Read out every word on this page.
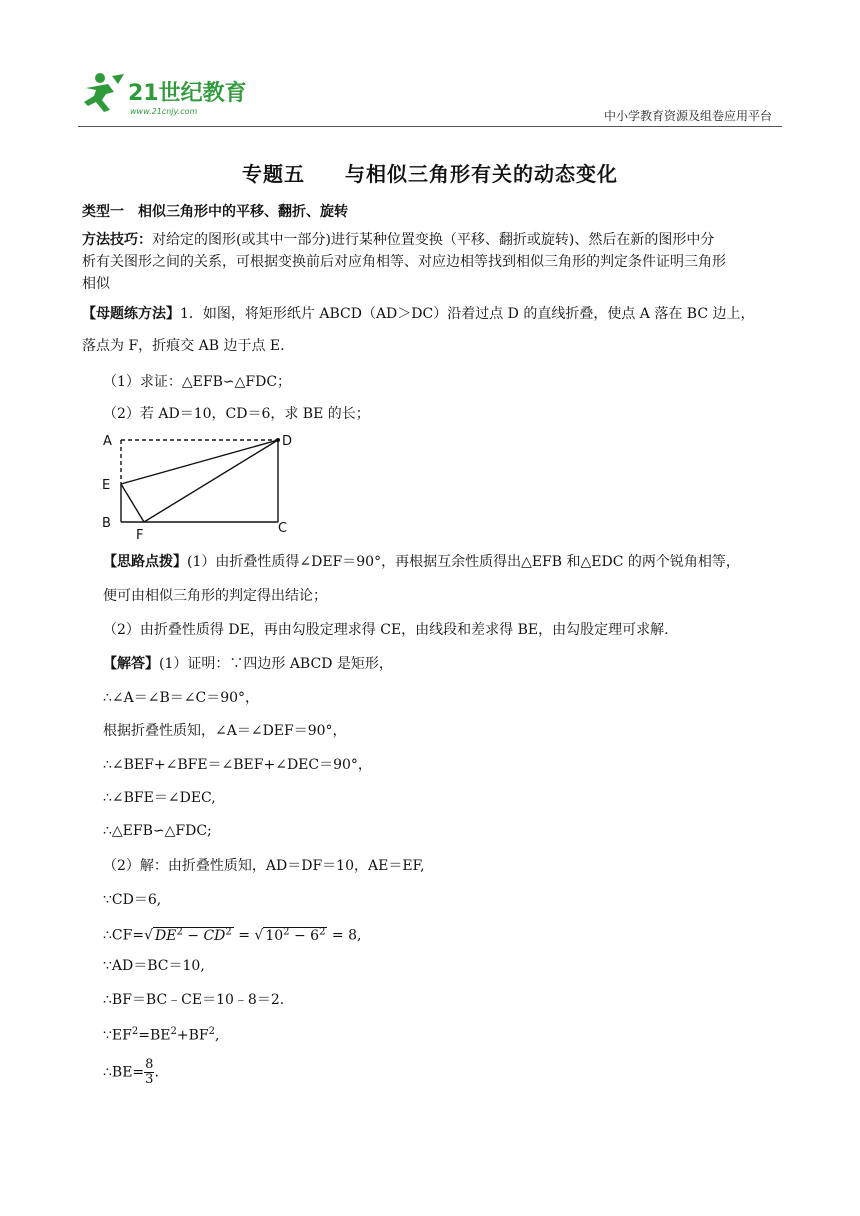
21世纪教育
www.21cnjy.com	中小学教育资源及组卷应用平台
专题五 与相似三角形有关的动态变化
类型一　相似三角形中的平移、翻折、旋转
方法技巧：对给定的图形(或其中一部分)进行某种位置变换（平移、翻折或旋转)、然后在新的图形中分
析有关图形之间的关系，可根据变换前后对应角相等、对应边相等找到相似三角形的判定条件证明三角形
相似
【母题练方法】1．如图，将矩形纸片 ABCD（AD＞DC）沿着过点 D 的直线折叠，使点 A 落在 BC 边上，
落点为 F，折痕交 AB 边于点 E.
（1）求证：△EFB∽△FDC；
（2）若 AD＝10，CD＝6，求 BE 的长；
A	D
E
B
F	C
【思路点拨】(1）由折叠性质得∠DEF＝90°，再根据互余性质得出△EFB 和△EDC 的两个锐角相等，
便可由相似三角形的判定得出结论；
（2）由折叠性质得 DE，再由勾股定理求得 CE，由线段和差求得 BE，由勾股定理可求解.
【解答】(1）证明：∵四边形 ABCD 是矩形，
∴∠A＝∠B＝∠C＝90°，
根据折叠性质知，∠A＝∠DEF＝90°，
∴∠BEF+∠BFE＝∠BEF+∠DEC＝90°，
∴∠BFE＝∠DEC,
∴△EFB∽△FDC;
（2）解：由折叠性质知，AD＝DF＝10，AE＝EF,
∵CD＝6,
∴CF=√ $DE^2 - CD^2$ = √ $10^2 - 6^2 = 8$,
∵AD＝BC＝10,
∴BF＝BC﹣CE＝10﹣8＝2.
$\because EF^2=BE^2+BF^2$,
∴BE= $\frac{8}{3}$ .
